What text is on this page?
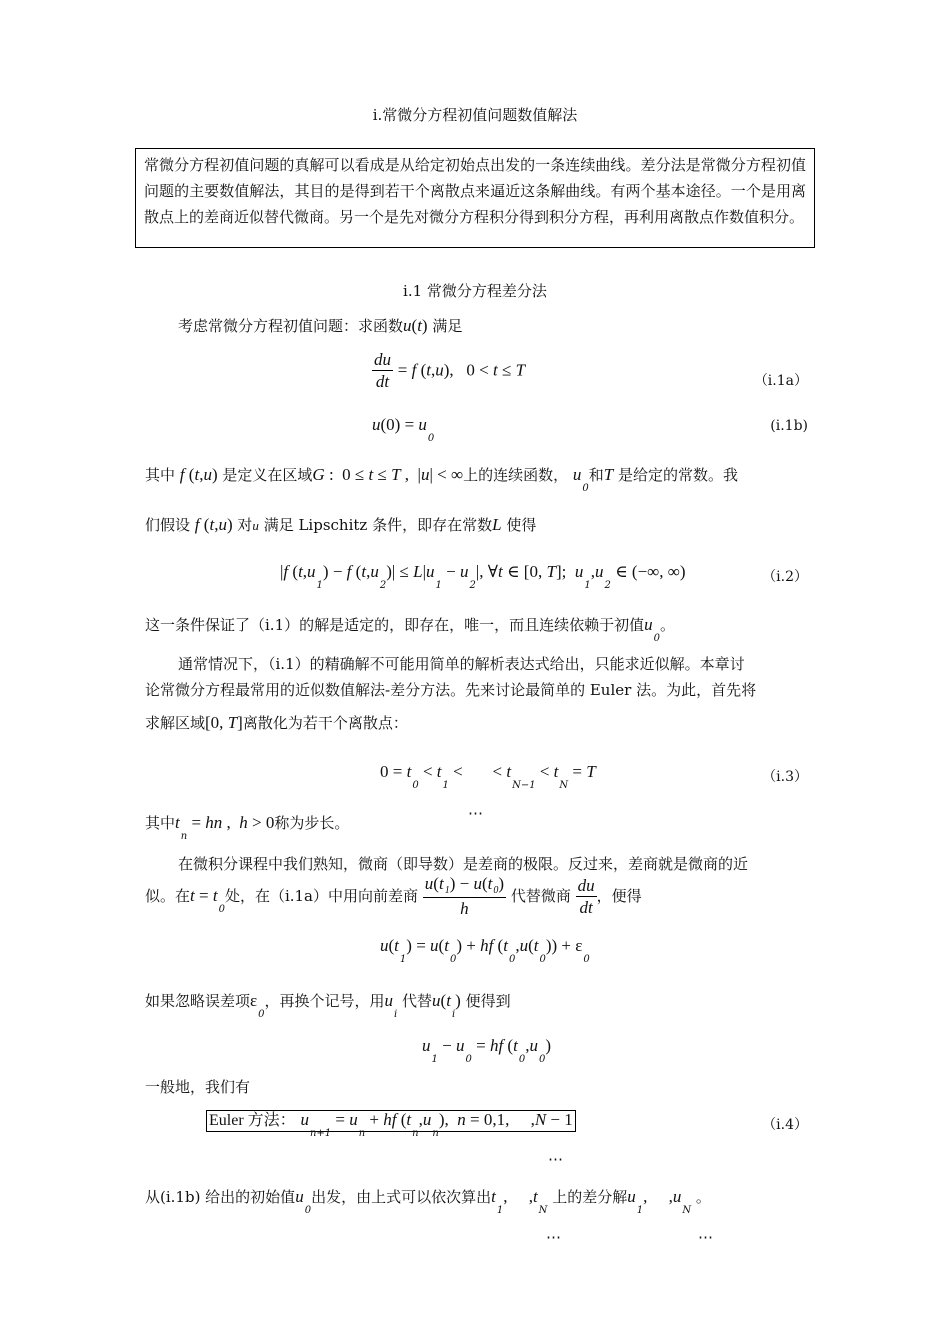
i.常微分方程初值问题数值解法
常微分方程初值问题的真解可以看成是从给定初始点出发的一条连续曲线。差分法是常微分方程初值问题的主要数值解法，其目的是得到若干个离散点来逼近这条解曲线。有两个基本途径。一个是用离散点上的差商近似替代微商。另一个是先对微分方程积分得到积分方程，再利用离散点作数值积分。
i.1 常微分方程差分法
考虑常微分方程初值问题：求函数u(t) 满足
$\frac{du}{dt} = f$ (t,u),   0 < t ≤ T
（i.1a）
$u(0) = u_0$
(i.1b)
其中 f (t,u) 是定义在区域G :  0 ≤ t ≤ T ,  |u| < ∞上的连续函数， $u_0$和T 是给定的常数。我
们假设 f (t,u) 对u 满足 Lipschitz 条件，即存在常数L 使得
|f $(t,u_1) - f$ $(t,u_2)| \le L|u_1 - u_2|$, ∀t ∈ [0, T];  $u_1,u_2$ ∈ (−∞, ∞)	（i.2）
这一条件保证了（i.1）的解是适定的，即存在，唯一，而且连续依赖于初值$u_0$。
通常情况下，（i.1）的精确解不可能用简单的解析表达式给出，只能求近似解。本章讨
论常微分方程最常用的近似数值解法-差分方法。先来讨论最简单的 Euler 法。为此，首先将
求解区域[0, T]离散化为若干个离散点：
$0 = t_0 < t_1$ <       < $t_{N-1} < t_N = T$	（i.3）
其中$t_n$ = hn ,  h > 0称为步长。
⋯
在微积分课程中我们熟知，微商（即导数）是差商的极限。反过来，差商就是微商的近
似。在$t = t_0$处，在（i.1a）中用向前差商 $\frac{u(t_1) - u(t_0)}{h}$ 代替微商 $\frac{du}{dt}$ ，便得
$u(t_1) = u(t_0)$ + hf $(t_0,u(t_0)) + \varepsilon_0$
如果忽略误差项$\varepsilon_0$，再换个记号，用$u_i$ 代替$u(t_i)$ 便得到
$u_1 - u_0$ = hf $(t_0,u_0)$
一般地，我们有
Euler 方法： $u_{n+1} = u_n$ + hf $(t_n,u_n)$,  n = 0,1,     ,N − 1	（i.4）
⋯
从(i.1b) 给出的初始值$u_0$出发，由上式可以依次算出$t_1$,     $,t_N$ 上的差分解$u_1$,     $,u_N$ 。
⋯	⋯
